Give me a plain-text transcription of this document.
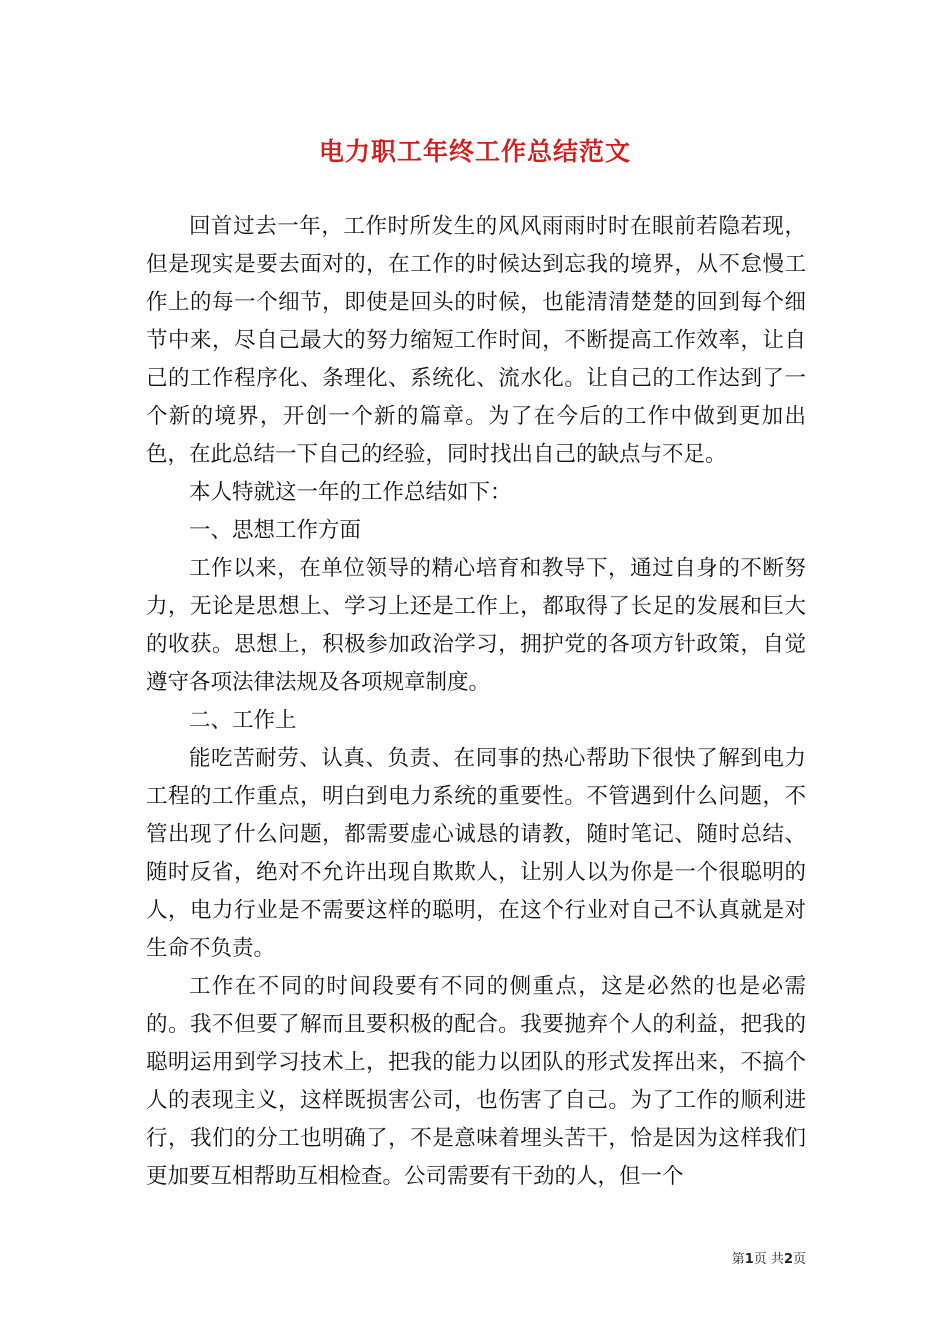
电力职工年终工作总结范文

回首过去一年，工作时所发生的风风雨雨时时在眼前若隐若现，但是现实是要去面对的，在工作的时候达到忘我的境界，从不怠慢工作上的每一个细节，即使是回头的时候，也能清清楚楚的回到每个细节中来，尽自己最大的努力缩短工作时间，不断提高工作效率，让自己的工作程序化、条理化、系统化、流水化。让自己的工作达到了一个新的境界，开创一个新的篇章。为了在今后的工作中做到更加出色，在此总结一下自己的经验，同时找出自己的缺点与不足。

本人特就这一年的工作总结如下：

一、思想工作方面

工作以来，在单位领导的精心培育和教导下，通过自身的不断努力，无论是思想上、学习上还是工作上，都取得了长足的发展和巨大的收获。思想上，积极参加政治学习，拥护党的各项方针政策，自觉遵守各项法律法规及各项规章制度。

二、工作上

能吃苦耐劳、认真、负责、在同事的热心帮助下很快了解到电力工程的工作重点，明白到电力系统的重要性。不管遇到什么问题，不管出现了什么问题，都需要虚心诚恳的请教，随时笔记、随时总结、随时反省，绝对不允许出现自欺欺人，让别人以为你是一个很聪明的人，电力行业是不需要这样的聪明，在这个行业对自己不认真就是对生命不负责。

工作在不同的时间段要有不同的侧重点，这是必然的也是必需的。我不但要了解而且要积极的配合。我要抛弃个人的利益，把我的聪明运用到学习技术上，把我的能力以团队的形式发挥出来，不搞个人的表现主义，这样既损害公司，也伤害了自己。为了工作的顺利进行，我们的分工也明确了，不是意味着埋头苦干，恰是因为这样我们更加要互相帮助互相检查。公司需要有干劲的人，但一个

第1页 共2页
